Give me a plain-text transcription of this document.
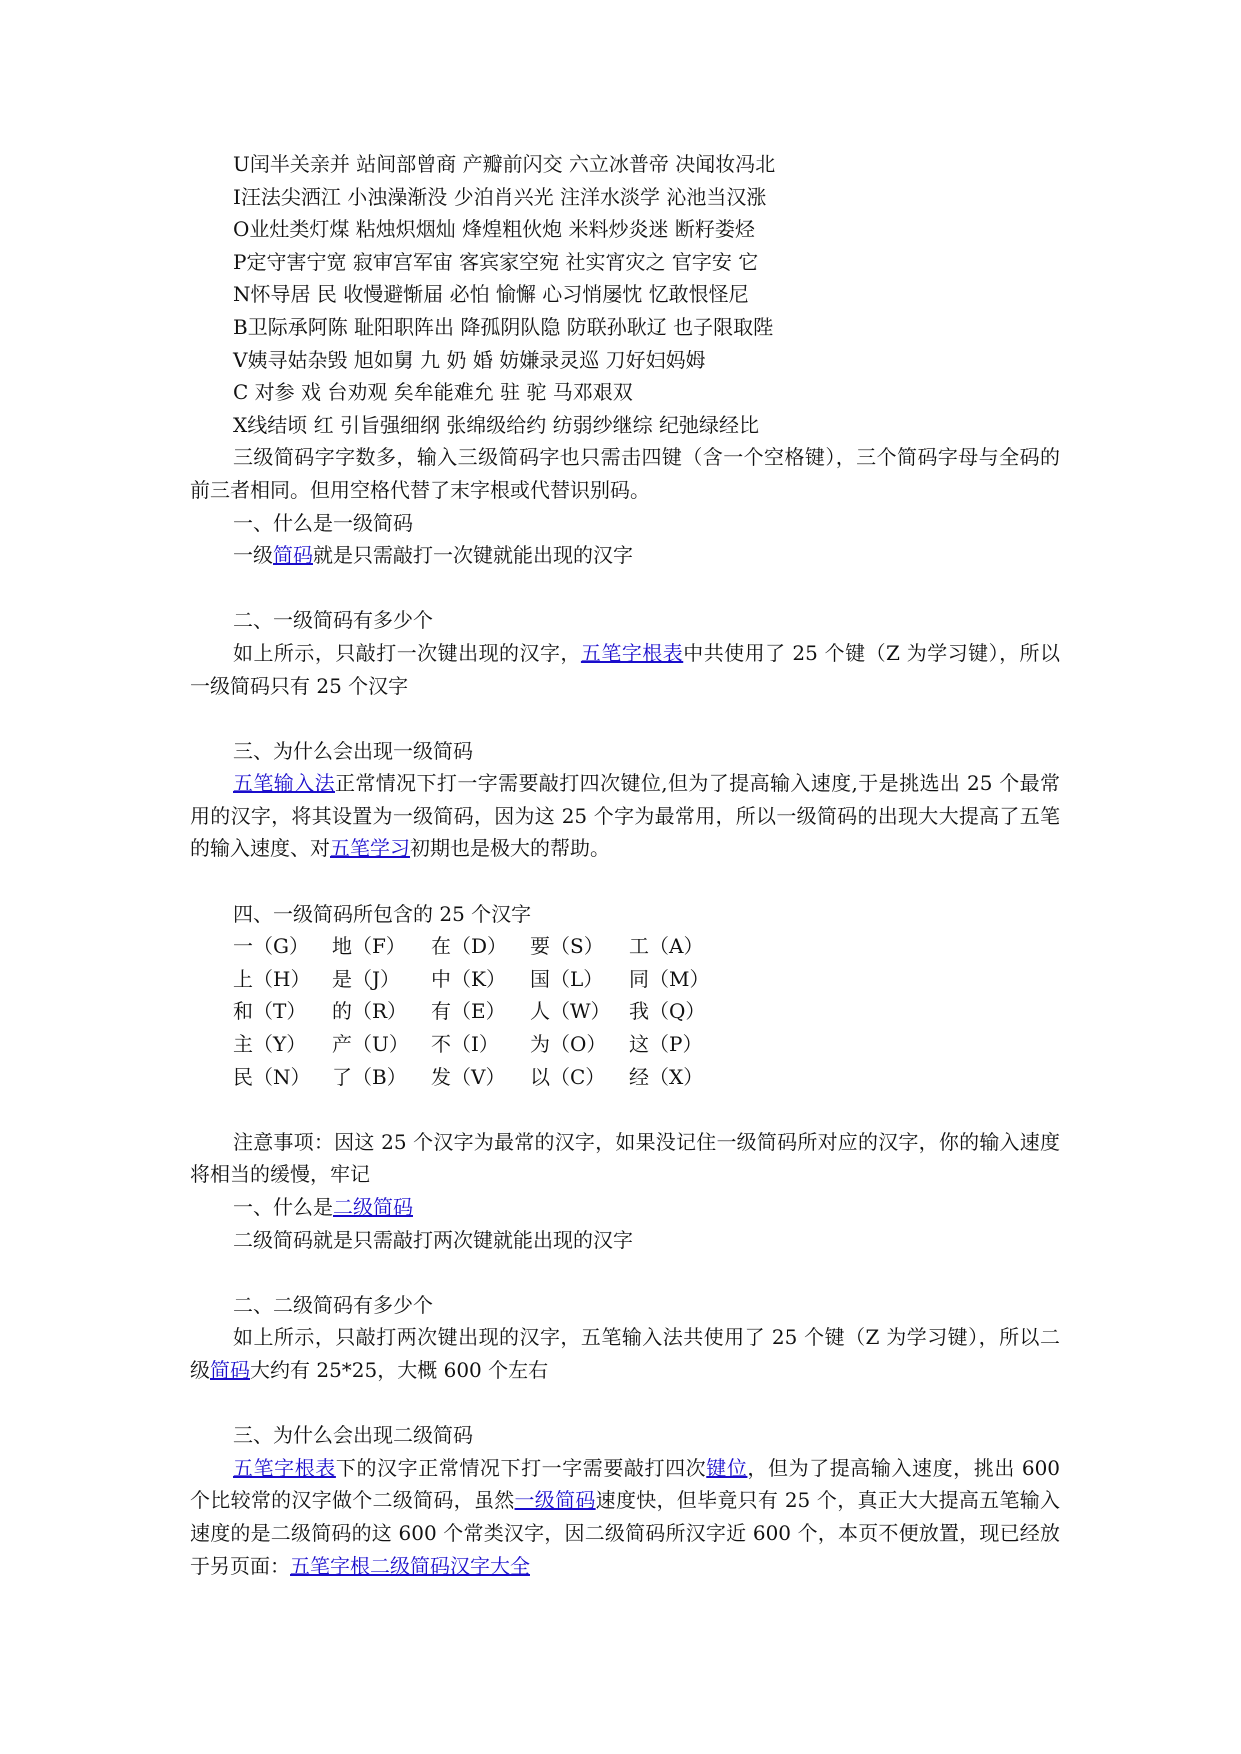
U闰半关亲并 站间部曾商 产瓣前闪交 六立冰普帝 决闻妆冯北
I汪法尖洒江 小浊澡渐没 少泊肖兴光 注洋水淡学 沁池当汉涨
O业灶类灯煤 粘烛炽烟灿 烽煌粗伙炮 米料炒炎迷 断籽娄烃
P定守害宁宽 寂审宫军宙 客宾家空宛 社实宵灾之 官字安 它
N怀导居 民 收慢避惭届 必怕 愉懈 心习悄屡忱 忆敢恨怪尼
B卫际承阿陈 耻阳职阵出 降孤阴队隐 防联孙耿辽 也子限取陛
V姨寻姑杂毁 旭如舅 九 奶 婚 妨嫌录灵巡 刀好妇妈姆
C 对参 戏 台劝观 矣牟能难允 驻 驼 马邓艰双
X线结顷 红 引旨强细纲 张绵级给约 纺弱纱继综 纪弛绿经比
三级简码字字数多，输入三级简码字也只需击四键（含一个空格键），三个简码字母与全码的前三者相同。但用空格代替了末字根或代替识别码。
一、什么是一级简码
一级简码就是只需敲打一次键就能出现的汉字
二、一级简码有多少个
如上所示，只敲打一次键出现的汉字，五笔字根表中共使用了 25 个键（Z 为学习键），所以一级简码只有 25 个汉字
三、为什么会出现一级简码
五笔输入法正常情况下打一字需要敲打四次键位,但为了提高输入速度,于是挑选出 25 个最常用的汉字，将其设置为一级简码，因为这 25 个字为最常用，所以一级简码的出现大大提高了五笔的输入速度、对五笔学习初期也是极大的帮助。
四、一级简码所包含的 25 个汉字
一（G）	地（F）	在（D）	要（S）	工（A）
上（H）	是（J）	中（K）	国（L）	同（M）
和（T）	的（R）	有（E）	人（W） 我（Q）
主（Y）	产（U）	不（I）	为（O）	这（P）
民（N）	了（B）	发（V）	以（C）	经（X）
注意事项：因这 25 个汉字为最常的汉字，如果没记住一级简码所对应的汉字，你的输入速度将相当的缓慢，牢记
一、什么是二级简码
二级简码就是只需敲打两次键就能出现的汉字
二、二级简码有多少个
如上所示，只敲打两次键出现的汉字，五笔输入法共使用了 25 个键（Z 为学习键），所以二级简码大约有 25*25，大概 600 个左右
三、为什么会出现二级简码
五笔字根表下的汉字正常情况下打一字需要敲打四次键位，但为了提高输入速度，挑出 600 个比较常的汉字做个二级简码，虽然一级简码速度快，但毕竟只有 25 个，真正大大提高五笔输入速度的是二级简码的这 600 个常类汉字，因二级简码所汉字近 600 个，本页不便放置，现已经放于另页面：五笔字根二级简码汉字大全
